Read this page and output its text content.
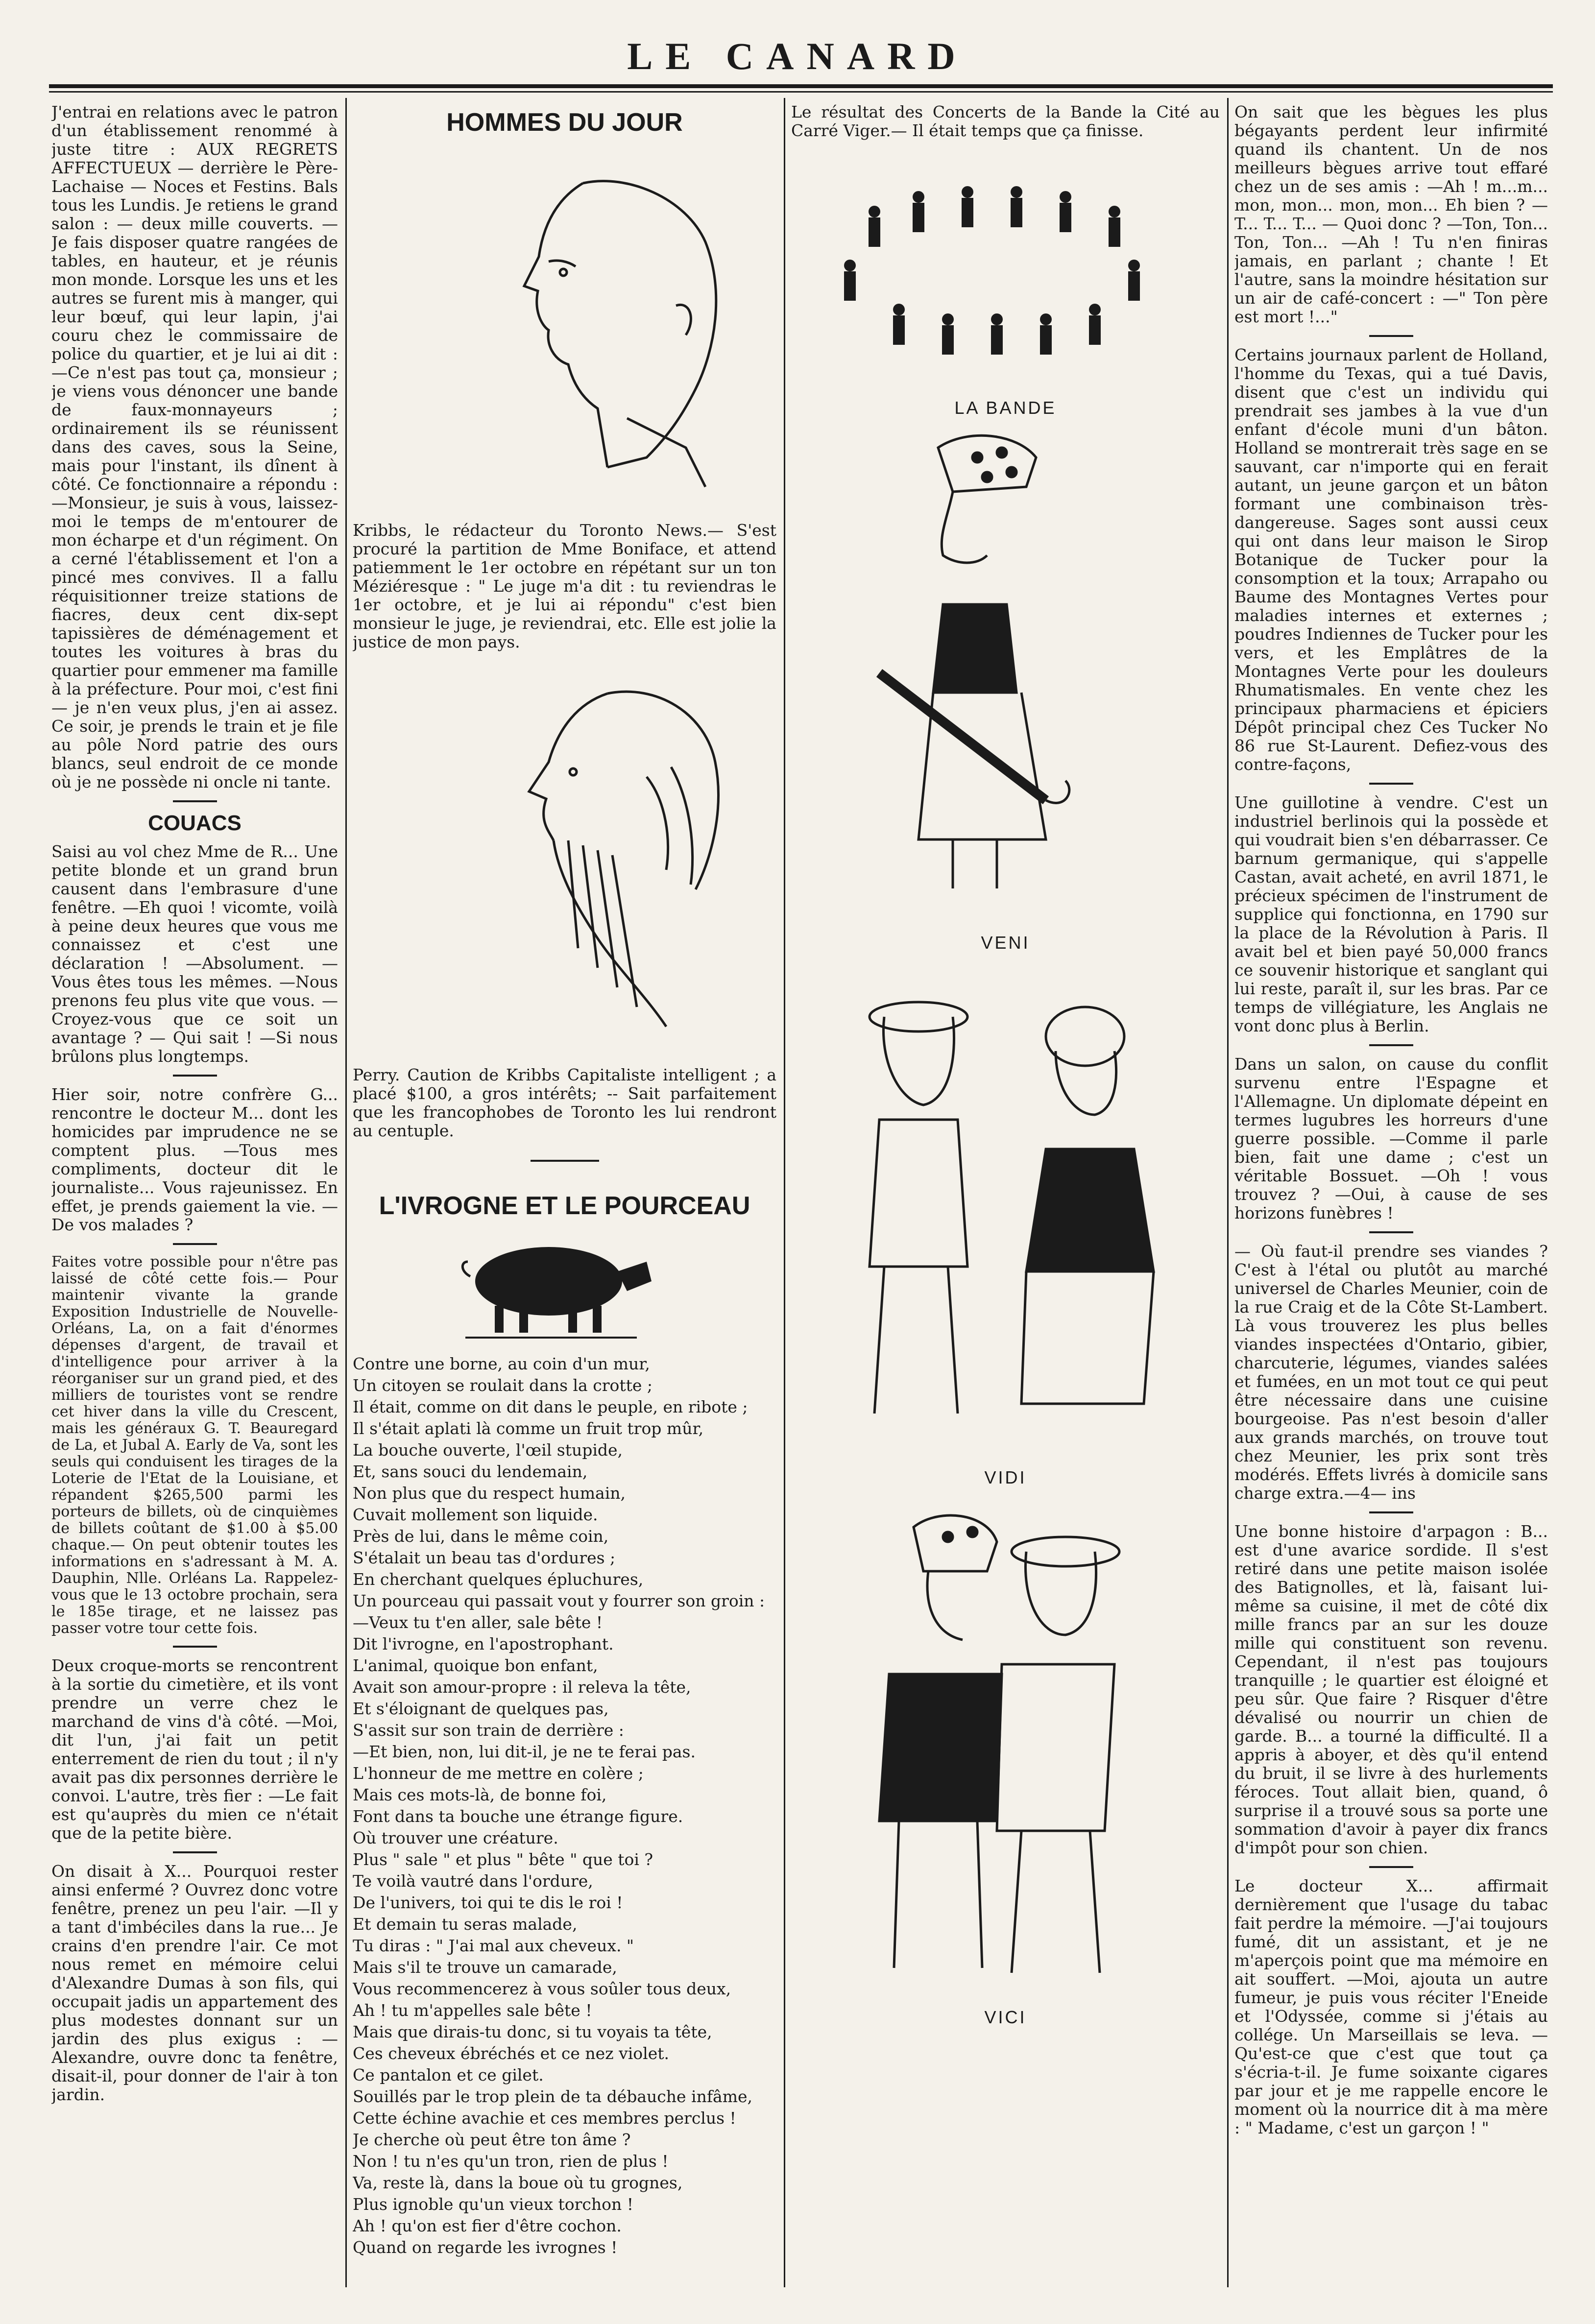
LE CANARD

J'entrai en relations avec le patron d'un établissement renommé à juste titre : AUX REGRETS AFFECTUEUX — derrière le Père-Lachaise — Noces et Festins. Bals tous les Lundis. Je retiens le grand salon : — deux mille couverts. — Je fais disposer quatre rangées de tables, en hauteur, et je réunis mon monde. Lorsque les uns et les autres se furent mis à manger, qui leur bœuf, qui leur lapin, j'ai couru chez le commissaire de police du quartier, et je lui ai dit : —Ce n'est pas tout ça, monsieur ; je viens vous dénoncer une bande de faux-monnayeurs ; ordinairement ils se réunissent dans des caves, sous la Seine, mais pour l'instant, ils dînent à côté. Ce fonctionnaire a répondu : —Monsieur, je suis à vous, laissez-moi le temps de m'entourer de mon écharpe et d'un régiment. On a cerné l'établissement et l'on a pincé mes convives. Il a fallu réquisitionner treize stations de fiacres, deux cent dix-sept tapissières de déménagement et toutes les voitures à bras du quartier pour emmener ma famille à la préfecture. Pour moi, c'est fini — je n'en veux plus, j'en ai assez. Ce soir, je prends le train et je file au pôle Nord patrie des ours blancs, seul endroit de ce monde où je ne possède ni oncle ni tante.

COUACS

Saisi au vol chez Mme de R... Une petite blonde et un grand brun causent dans l'embrasure d'une fenêtre. —Eh quoi ! vicomte, voilà à peine deux heures que vous me connaissez et c'est une déclaration ! —Absolument. —Vous êtes tous les mêmes. —Nous prenons feu plus vite que vous. —Croyez-vous que ce soit un avantage ? — Qui sait ! —Si nous brûlons plus longtemps.

Hier soir, notre confrère G... rencontre le docteur M... dont les homicides par imprudence ne se comptent plus. —Tous mes compliments, docteur dit le journaliste... Vous rajeunissez. En effet, je prends gaiement la vie. —De vos malades ?

Faites votre possible pour n'être pas laissé de côté cette fois.— Pour maintenir vivante la grande Exposition Industrielle de Nouvelle-Orléans, La, on a fait d'énormes dépenses d'argent, de travail et d'intelligence pour arriver à la réorganiser sur un grand pied, et des milliers de touristes vont se rendre cet hiver dans la ville du Crescent, mais les généraux G. T. Beauregard de La, et Jubal A. Early de Va, sont les seuls qui conduisent les tirages de la Loterie de l'Etat de la Louisiane, et répandent $265,500 parmi les porteurs de billets, où de cinquièmes de billets coûtant de $1.00 à $5.00 chaque.— On peut obtenir toutes les informations en s'adressant à M. A. Dauphin, Nlle. Orléans La. Rappelez-vous que le 13 octobre prochain, sera le 185e tirage, et ne laissez pas passer votre tour cette fois.

Deux croque-morts se rencontrent à la sortie du cimetière, et ils vont prendre un verre chez le marchand de vins d'à côté. —Moi, dit l'un, j'ai fait un petit enterrement de rien du tout ; il n'y avait pas dix personnes derrière le convoi. L'autre, très fier : —Le fait est qu'auprès du mien ce n'était que de la petite bière.

On disait à X... Pourquoi rester ainsi enfermé ? Ouvrez donc votre fenêtre, prenez un peu l'air. —Il y a tant d'imbéciles dans la rue... Je crains d'en prendre l'air. Ce mot nous remet en mémoire celui d'Alexandre Dumas à son fils, qui occupait jadis un appartement des plus modestes donnant sur un jardin des plus exigus : —Alexandre, ouvre donc ta fenêtre, disait-il, pour donner de l'air à ton jardin.

HOMMES DU JOUR

Kribbs, le rédacteur du Toronto News.— S'est procuré la partition de Mme Boniface, et attend patiemment le 1er octobre en répétant sur un ton Méziéresque : " Le juge m'a dit : tu reviendras le 1er octobre, et je lui ai répondu" c'est bien monsieur le juge, je reviendrai, etc. Elle est jolie la justice de mon pays.

Perry. Caution de Kribbs Capitaliste intelligent ; a placé $100, a gros intérêts; -- Sait parfaitement que les francophobes de Toronto les lui rendront au centuple.

L'IVROGNE ET LE POURCEAU

Contre une borne, au coin d'un mur,

Un citoyen se roulait dans la crotte ;

Il était, comme on dit dans le peuple, en ribote ;

Il s'était aplati là comme un fruit trop mûr,

La bouche ouverte, l'œil stupide,

Et, sans souci du lendemain,

Non plus que du respect humain,

Cuvait mollement son liquide.

Près de lui, dans le même coin,

S'étalait un beau tas d'ordures ;

En cherchant quelques épluchures,

Un pourceau qui passait vout y fourrer son groin :

—Veux tu t'en aller, sale bête !

Dit l'ivrogne, en l'apostrophant.

L'animal, quoique bon enfant,

Avait son amour-propre : il releva la tête,

Et s'éloignant de quelques pas,

S'assit sur son train de derrière :

—Et bien, non, lui dit-il, je ne te ferai pas.

L'honneur de me mettre en colère ;

Mais ces mots-là, de bonne foi,

Font dans ta bouche une étrange figure.

Où trouver une créature.

Plus " sale " et plus " bête " que toi ?

Te voilà vautré dans l'ordure,

De l'univers, toi qui te dis le roi !

Et demain tu seras malade,

Tu diras : " J'ai mal aux cheveux. "

Mais s'il te trouve un camarade,

Vous recommencerez à vous soûler tous deux,

Ah ! tu m'appelles sale bête !

Mais que dirais-tu donc, si tu voyais ta tête,

Ces cheveux ébréchés et ce nez violet.

Ce pantalon et ce gilet.

Souillés par le trop plein de ta débauche infâme,

Cette échine avachie et ces membres perclus !

Je cherche où peut être ton âme ?

Non ! tu n'es qu'un tron, rien de plus !

Va, reste là, dans la boue où tu grognes,

Plus ignoble qu'un vieux torchon !

Ah ! qu'on est fier d'être cochon.

Quand on regarde les ivrognes !

Le résultat des Concerts de la Bande la Cité au Carré Viger.— Il était temps que ça finisse.

LA BANDE
VENI
VIDI
VICI

On sait que les bègues les plus bégayants perdent leur infirmité quand ils chantent. Un de nos meilleurs bègues arrive tout effaré chez un de ses amis : —Ah ! m...m... mon, mon... mon, mon... Eh bien ? — T... T... T... — Quoi donc ? —Ton, Ton... Ton, Ton... —Ah ! Tu n'en finiras jamais, en parlant ; chante ! Et l'autre, sans la moindre hésitation sur un air de café-concert : —" Ton père est mort !..."

Certains journaux parlent de Holland, l'homme du Texas, qui a tué Davis, disent que c'est un individu qui prendrait ses jambes à la vue d'un enfant d'école muni d'un bâton. Holland se montrerait très sage en se sauvant, car n'importe qui en ferait autant, un jeune garçon et un bâton formant une combinaison très-dangereuse. Sages sont aussi ceux qui ont dans leur maison le Sirop Botanique de Tucker pour la consomption et la toux; Arrapaho ou Baume des Montagnes Vertes pour maladies internes et externes ; poudres Indiennes de Tucker pour les vers, et les Emplâtres de la Montagnes Verte pour les douleurs Rhumatismales. En vente chez les principaux pharmaciens et épiciers Dépôt principal chez Ces Tucker No 86 rue St-Laurent. Defiez-vous des contre-façons,

Une guillotine à vendre. C'est un industriel berlinois qui la possède et qui voudrait bien s'en débarrasser. Ce barnum germanique, qui s'appelle Castan, avait acheté, en avril 1871, le précieux spécimen de l'instrument de supplice qui fonctionna, en 1790 sur la place de la Révolution à Paris. Il avait bel et bien payé 50,000 francs ce souvenir historique et sanglant qui lui reste, paraît il, sur les bras. Par ce temps de villégiature, les Anglais ne vont donc plus à Berlin.

Dans un salon, on cause du conflit survenu entre l'Espagne et l'Allemagne. Un diplomate dépeint en termes lugubres les horreurs d'une guerre possible. —Comme il parle bien, fait une dame ; c'est un véritable Bossuet. —Oh ! vous trouvez ? —Oui, à cause de ses horizons funèbres !

— Où faut-il prendre ses viandes ? C'est à l'étal ou plutôt au marché universel de Charles Meunier, coin de la rue Craig et de la Côte St-Lambert. Là vous trouverez les plus belles viandes inspectées d'Ontario, gibier, charcuterie, légumes, viandes salées et fumées, en un mot tout ce qui peut être nécessaire dans une cuisine bourgeoise. Pas n'est besoin d'aller aux grands marchés, on trouve tout chez Meunier, les prix sont très modérés. Effets livrés à domicile sans charge extra.—4— ins

Une bonne histoire d'arpagon : B... est d'une avarice sordide. Il s'est retiré dans une petite maison isolée des Batignolles, et là, faisant lui-même sa cuisine, il met de côté dix mille francs par an sur les douze mille qui constituent son revenu. Cependant, il n'est pas toujours tranquille ; le quartier est éloigné et peu sûr. Que faire ? Risquer d'être dévalisé ou nourrir un chien de garde. B... a tourné la difficulté. Il a appris à aboyer, et dès qu'il entend du bruit, il se livre à des hurlements féroces. Tout allait bien, quand, ô surprise il a trouvé sous sa porte une sommation d'avoir à payer dix francs d'impôt pour son chien.

Le docteur X... affirmait dernièrement que l'usage du tabac fait perdre la mémoire. —J'ai toujours fumé, dit un assistant, et je ne m'aperçois point que ma mémoire en ait souffert. —Moi, ajouta un autre fumeur, je puis vous réciter l'Eneide et l'Odyssée, comme si j'étais au collége. Un Marseillais se leva. —Qu'est-ce que c'est que tout ça s'écria-t-il. Je fume soixante cigares par jour et je me rappelle encore le moment où la nourrice dit à ma mère : " Madame, c'est un garçon ! "
